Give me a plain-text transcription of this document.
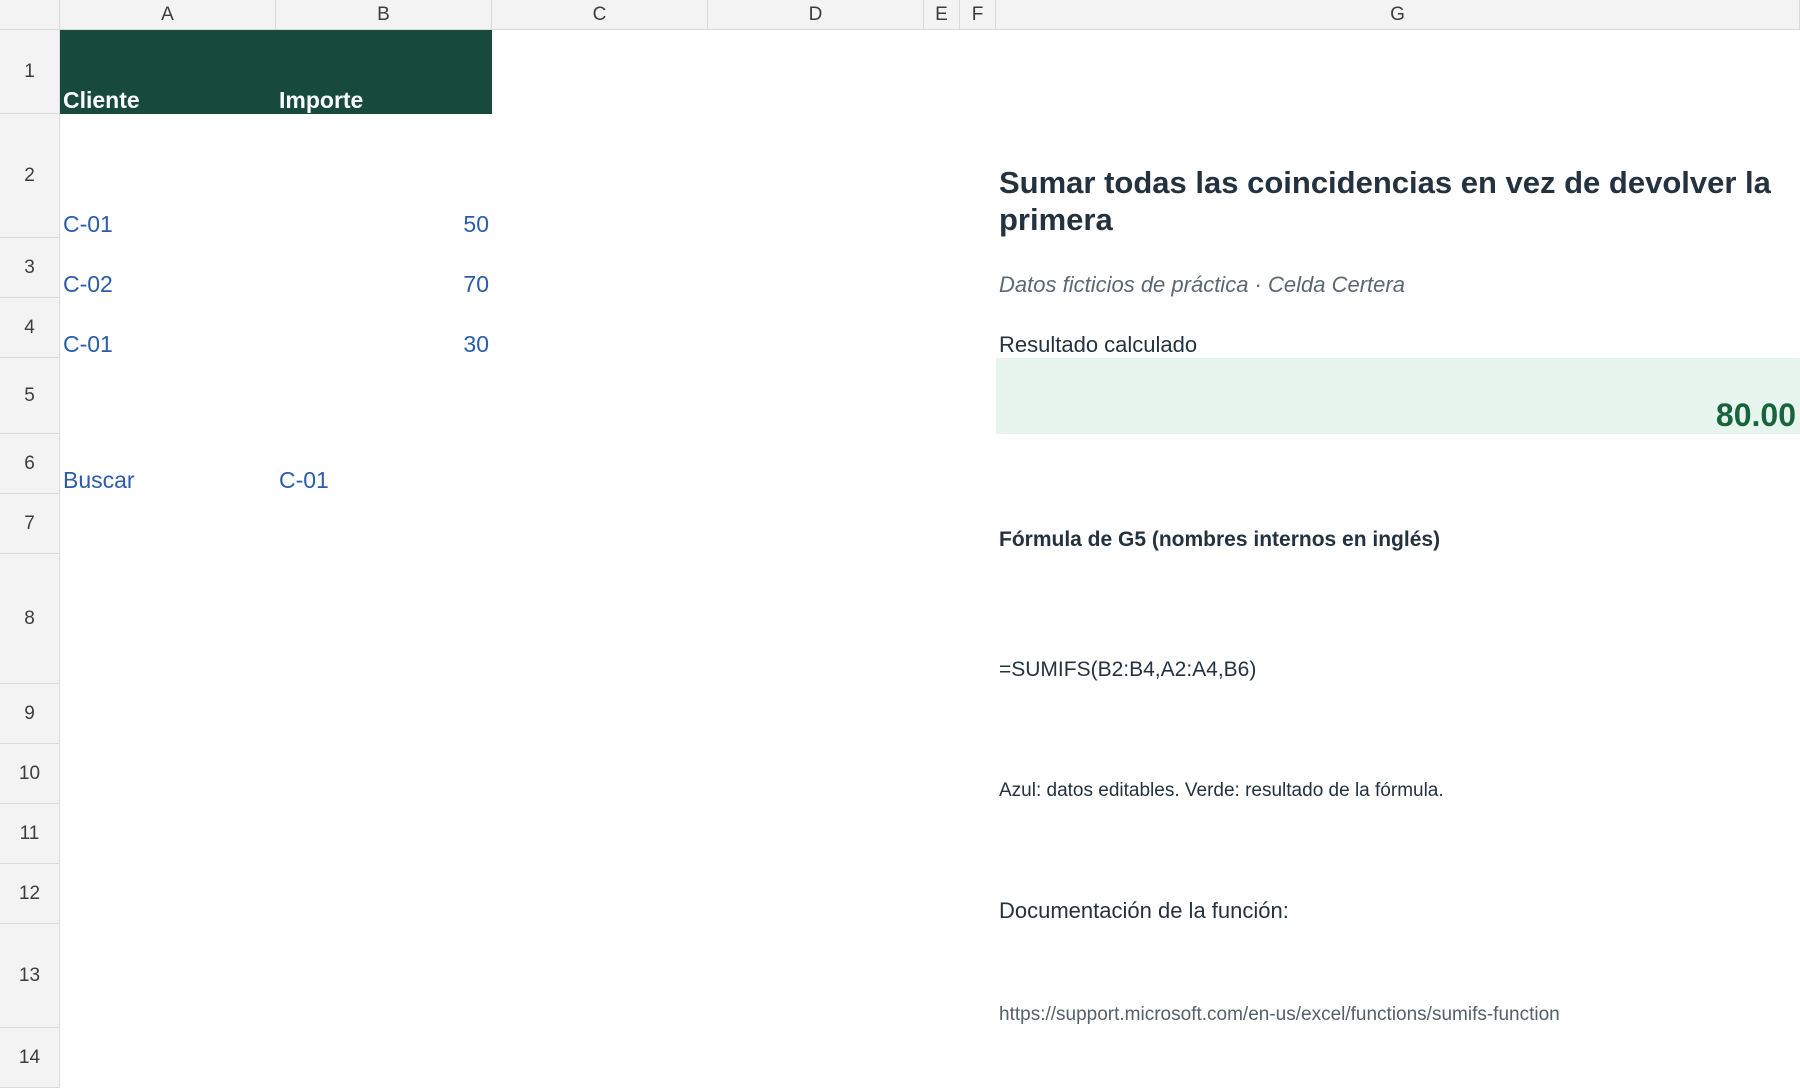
A	B	C	D	E	F	G
1
2
3
4
5
6
7
8
9
10
11
12
13
14
Cliente	Importe
C-01	50
C-02	70
C-01	30
Buscar	C-01
Sumar todas las coincidencias en vez de devolver la primera
Datos ficticios de práctica · Celda Certera
Resultado calculado
80.00
Fórmula de G5 (nombres internos en inglés)
=SUMIFS(B2:B4,A2:A4,B6)
Azul: datos editables. Verde: resultado de la fórmula.
Documentación de la función:
https://support.microsoft.com/en-us/excel/functions/sumifs-function
